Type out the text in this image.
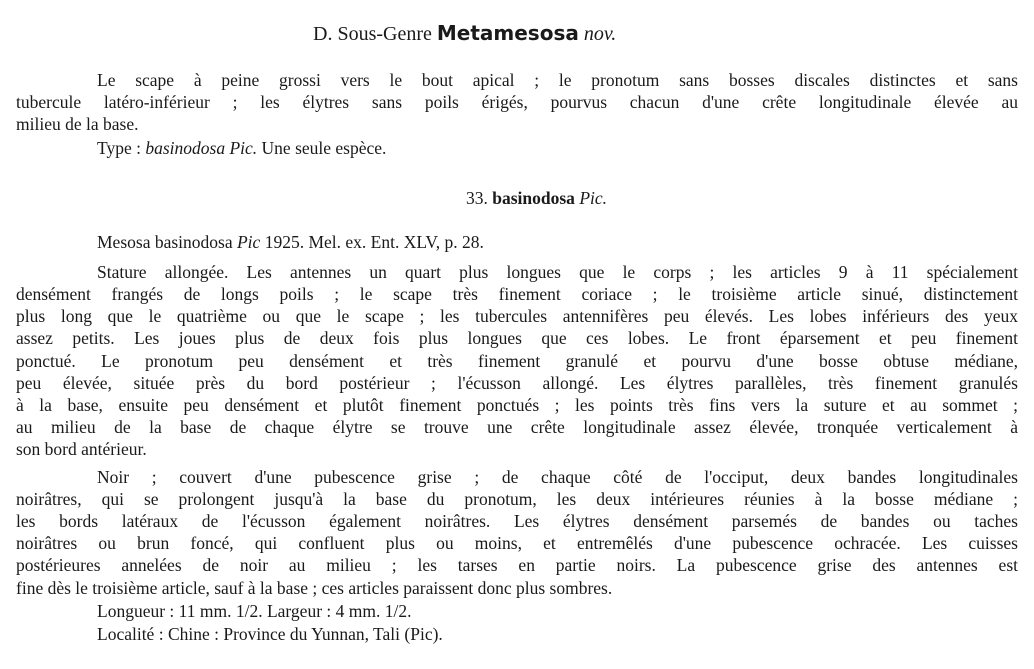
D. Sous-Genre Metamesosa nov.
Le scape à peine grossi vers le bout apical ; le pronotum sans bosses discales distinctes et sans
tubercule latéro-inférieur ; les élytres sans poils érigés, pourvus chacun d'une crête longitudinale élevée au
milieu de la base.
Type : basinodosa Pic. Une seule espèce.
33. basinodosa Pic.
Mesosa basinodosa Pic 1925. Mel. ex. Ent. XLV, p. 28.
Stature allongée. Les antennes un quart plus longues que le corps ; les articles 9 à 11 spécialement
densément frangés de longs poils ; le scape très finement coriace ; le troisième article sinué, distinctement
plus long que le quatrième ou que le scape ; les tubercules antennifères peu élevés. Les lobes inférieurs des yeux
assez petits. Les joues plus de deux fois plus longues que ces lobes. Le front éparsement et peu finement
ponctué. Le pronotum peu densément et très finement granulé et pourvu d'une bosse obtuse médiane,
peu élevée, située près du bord postérieur ; l'écusson allongé. Les élytres parallèles, très finement granulés
à la base, ensuite peu densément et plutôt finement ponctués ; les points très fins vers la suture et au sommet ;
au milieu de la base de chaque élytre se trouve une crête longitudinale assez élevée, tronquée verticalement à
son bord antérieur.
Noir ; couvert d'une pubescence grise ; de chaque côté de l'occiput, deux bandes longitudinales
noirâtres, qui se prolongent jusqu'à la base du pronotum, les deux intérieures réunies à la bosse médiane ;
les bords latéraux de l'écusson également noirâtres. Les élytres densément parsemés de bandes ou taches
noirâtres ou brun foncé, qui confluent plus ou moins, et entremêlés d'une pubescence ochracée. Les cuisses
postérieures annelées de noir au milieu ; les tarses en partie noirs. La pubescence grise des antennes est
fine dès le troisième article, sauf à la base ; ces articles paraissent donc plus sombres.
Longueur : 11 mm. 1/2. Largeur : 4 mm. 1/2.
Localité : Chine : Province du Yunnan, Tali (Pic).
